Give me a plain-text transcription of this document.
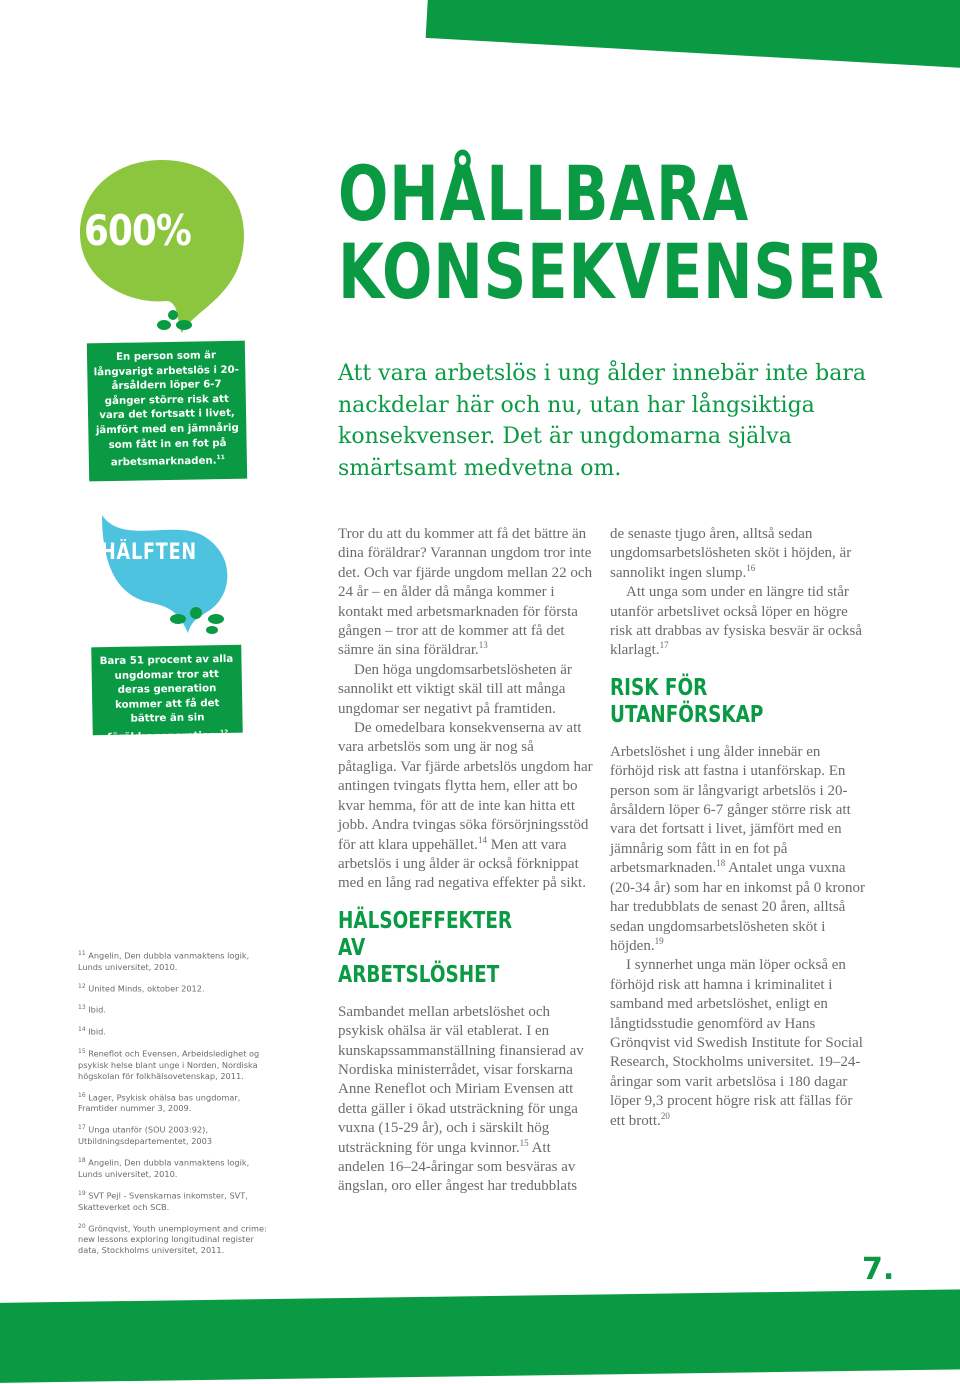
600%
En person som är långvarigt arbetslös i 20-årsåldern löper 6-7 gånger större risk att vara det fortsatt i livet, jämfört med en jämnårig som fått in en fot på arbetsmarknaden.$^{11}$
HÄLFTEN
Bara 51 procent av alla ungdomar tror att deras generation kommer att få det bättre än sin föräldrageneration.$^{12}$
OHÅLLBARA
KONSEKVENSER
Att vara arbetslös i ung ålder innebär inte bara nackdelar här och nu, utan har långsiktiga konsekvenser. Det är ungdomarna själva smärtsamt medvetna om.

Tror du att du kommer att få det bättre än dina föräldrar? Varannan ungdom tror inte det. Och var fjärde ungdom mellan 22 och 24 år – en ålder då många kommer i kontakt med arbetsmarknaden för första gången – tror att de kommer att få det sämre än sina föräldrar.$^{13}$

Den höga ungdomsarbetslösheten är sannolikt ett viktigt skäl till att många ungdomar ser negativt på framtiden.

De omedelbara konsekvenserna av att vara arbetslös som ung är nog så påtagliga. Var fjärde arbetslös ungdom har antingen tvingats flytta hem, eller att bo kvar hemma, för att de inte kan hitta ett jobb. Andra tvingas söka försörjningsstöd för att klara uppehället.$^{14}$ Men att vara arbetslös i ung ålder är också förknippat med en lång rad negativa effekter på sikt.

HÄLSOEFFEKTER AV
ARBETSLÖSHET

Sambandet mellan arbetslöshet och psykisk ohälsa är väl etablerat. I en kunskapssammanställning finansierad av Nordiska ministerrådet, visar forskarna Anne Reneflot och Miriam Evensen att detta gäller i ökad utsträckning för unga vuxna (15-29 år), och i särskilt hög utsträckning för unga kvinnor.$^{15}$ Att andelen 16–24-åringar som besväras av ängslan, oro eller ångest har tredubblats

de senaste tjugo åren, alltså sedan ungdomsarbetslösheten sköt i höjden, är sannolikt ingen slump.$^{16}$

Att unga som under en längre tid står utanför arbetslivet också löper en högre risk att drabbas av fysiska besvär är också klarlagt.$^{17}$

RISK FÖR
UTANFÖRSKAP

Arbetslöshet i ung ålder innebär en förhöjd risk att fastna i utanförskap. En person som är långvarigt arbetslös i 20-årsåldern löper 6-7 gånger större risk att vara det fortsatt i livet, jämfört med en jämnårig som fått in en fot på arbetsmarknaden.$^{18}$ Antalet unga vuxna (20-34 år) som har en inkomst på 0 kronor har tredubblats de senast 20 åren, alltså sedan ungdomsarbetslösheten sköt i höjden.$^{19}$

I synnerhet unga män löper också en förhöjd risk att hamna i kriminalitet i samband med arbetslöshet, enligt en långtidsstudie genomförd av Hans Grönqvist vid Swedish Institute for Social Research, Stockholms universitet. 19–24-åringar som varit arbetslösa i 180 dagar löper 9,3 procent högre risk att fällas för ett brott.$^{20}$

$^{11}$ Angelin, Den dubbla vanmaktens logik, Lunds universitet, 2010.

$^{12}$ United Minds, oktober 2012.

$^{13}$ Ibid.

$^{14}$ Ibid.

$^{15}$ Reneflot och Evensen, Arbeidsledighet og psykisk helse blant unge i Norden, Nordiska högskolan för folkhälsovetenskap, 2011.

$^{16}$ Lager, Psykisk ohälsa bas ungdomar, Framtider nummer 3, 2009.

$^{17}$ Unga utanför (SOU 2003:92), Utbildningsdepartementet, 2003

$^{18}$ Angelin, Den dubbla vanmaktens logik, Lunds universitet, 2010.

$^{19}$ SVT Pejl - Svenskarnas inkomster, SVT, Skatteverket och SCB.

$^{20}$ Grönqvist, Youth unemployment and crime: new lessons exploring longitudinal register data, Stockholms universitet, 2011.

7.
